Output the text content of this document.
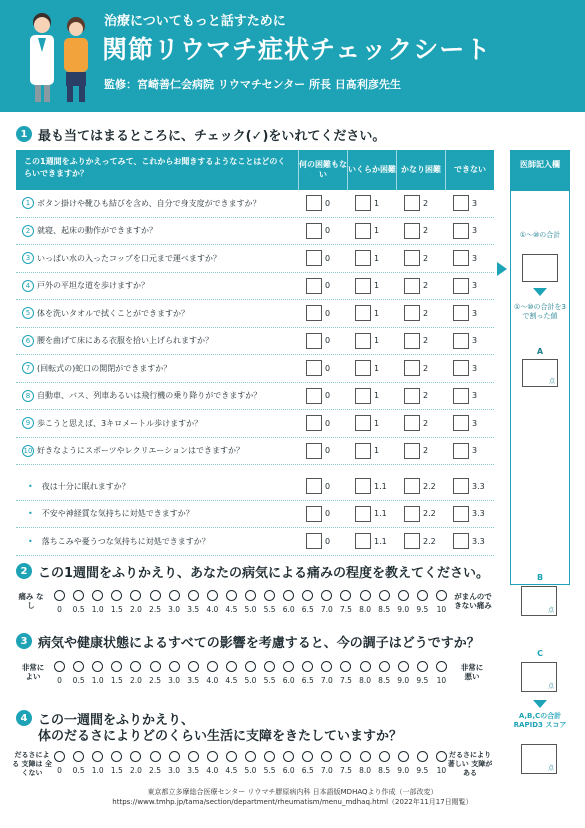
治療についてもっと話すために
関節リウマチ症状チェックシート
監修：宮崎善仁会病院 リウマチセンター 所長 日髙利彦先生
1 最も当てはまるところに、チェック(✓)をいれてください。
この1週間をふりかえってみて、これからお聞きするようなことはどのくらいできますか？
何の困難もない
いくらか困難 かなり困難	できない
1 ボタン掛けや靴ひも結びを含め、自分で身支度ができますか？	0	1	2	3
2 就寝、起床の動作ができますか？	0	1	2	3
3 いっぱい水の入ったコップを口元まで運べますか？	0	1	2	3
4 戸外の平坦な道を歩けますか？	0	1	2	3
5 体を洗いタオルで拭くことができますか？	0	1	2	3
6 腰を曲げて床にある衣服を拾い上げられますか？	0	1	2	3
7 (回転式の)蛇口の開閉ができますか？	0	1	2	3
8 自動車、バス、列車あるいは飛行機の乗り降りができますか？	0	1	2	3
9 歩こうと思えば、3キロメートル歩けますか？	0	1	2	3
10 好きなようにスポーツやレクリエーションはできますか？	0	1	2	3
• 夜は十分に眠れますか？	0	1.1	2.2	3.3
• 不安や神経質な気持ちに対処できますか？	0	1.1	2.2	3.3
• 落ちこみや憂うつな気持ちに対処できますか？	0	1.1	2.2	3.3
医師記入欄
①〜⑩の合計
①〜⑩の合計を3で割った値
A
点
2 この1週間をふりかえり、あなたの病気による痛みの程度を教えてください。
痛み なし
がまんので きない痛み
0	0.5 1.0 1.5 2.0 2.5 3.0 3.5 4.0 4.5 5.0 5.5 6.0 6.5 7.0 7.5 8.0 8.5 9.0 9.5	10
B
点
3 病気や健康状態によるすべての影響を考慮すると、今の調子はどうですか？
非常に よい
非常に 悪い
0	0.5 1.0 1.5 2.0 2.5 3.0 3.5 4.0 4.5 5.0 5.5 6.0 6.5 7.0 7.5 8.0 8.5 9.0 9.5	10
C
点
A,B,Cの合計 RAPID3 スコア
点
4 この一週間をふりかえり、
体のだるさによりどのくらい生活に支障をきたしていますか？
だるさによる 支障は 全くない
だるさにより 著しい 支障がある
0	0.5 1.0 1.5 2.0 2.5 3.0 3.5 4.0 4.5 5.0 5.5 6.0 6.5 7.0 7.5 8.0 8.5 9.0 9.5	10
東京都立多摩総合医療センター リウマチ膠原病内科 日本語版MDHAQより作成（一部改変）
https://www.tmhp.jp/tama/section/department/rheumatism/menu_mdhaq.html（2022年11月17日閲覧）
